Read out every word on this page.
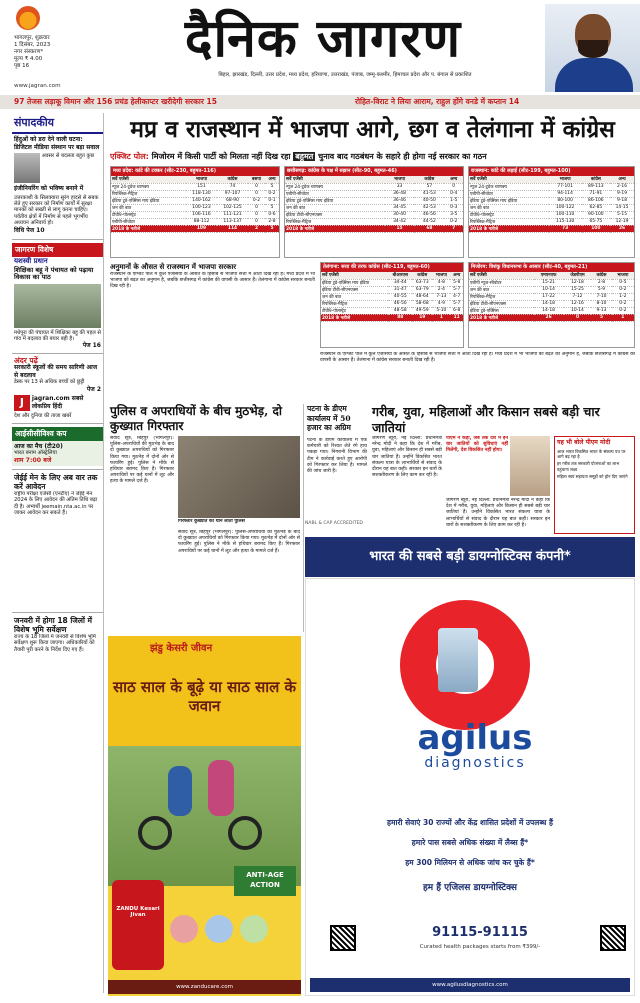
भागलपुर, शुक्रवार
1 दिसंबर, 2023
नगर संस्करण*
मूल्य ₹ 4.00
पृष्ठ 16	दैनिक जागरण
बिहार, झारखंड, दिल्ली, उत्तर प्रदेश, मध्य प्रदेश, हरियाणा, उत्तराखंड, पंजाब, जम्मू-कश्मीर, हिमाचल प्रदेश और प. बंगाल से प्रकाशित
www.jagran.com
97 तेजस लड़ाकू विमान और 156 प्रचंड हेलीकाप्टर खरीदेगी सरकार 15	रोहित-विराट ने लिया आराम, राहुल होंगे वनडे में कप्तान 14
संपादकीय
हिंदुओं को डरा देने वाली घटना: डिजिटल मीडिया संस्थान पर बड़ा सवाल
अवसर से बदलता बहुत कुछ
इंजीनियरिंग को भविष्य बनाने में
उत्तरकाशी के सिलक्यारा सुरंग हादसे से सबक लेते हुए सरकार को निर्माण कार्यों में सुरक्षा मानकों को सख्ती से लागू करना चाहिए। पर्वतीय क्षेत्रों में निर्माण से पहले भूगर्भीय अध्ययन अनिवार्य हो।
विधि पेज 10
जागरण विशेष
यशस्वी प्रधान
शिक्षिका बहू ने पंचायत को पढ़ाया विकास का पाठ
मधेपुरा की पंचायत में शिक्षिका बहू की पहल से गांव में बदलाव की बयार बही है।
पेज 16
अंदर पढ़ें
सरकारी स्कूलों की समय सारिणी आज से बदलाव
डेस्क पर 13 से अधिक बच्चों को छुट्टी
पेज 2
J	jagran.com सबसे लोकप्रिय हिंदी
देश और दुनिया की ताजा खबरें
आईसीसीविश्व कप
आज का मैच (टी20)
भारत बनाम ऑस्ट्रेलिया
शाम 7:00 बजे
जेईई मेन के लिए अब वार तक करें आवेदन
राष्ट्रीय परीक्षा एजेंसी (एनटीए) ने जेईई मेन 2024 के लिए आवेदन की अंतिम तिथि बढ़ा दी है। अभ्यर्थी jeemain.nta.ac.in पर जाकर आवेदन कर सकते हैं।
जनवरी में होगा 18 जिलों में विशेष भूमि सर्वेक्षण
राज्य के 18 जिलों में जनवरी से विशेष भूमि सर्वेक्षण शुरू किया जाएगा। अधिकारियों को तैयारी पूरी करने के निर्देश दिए गए हैं।
मप्र व राजस्थान में भाजपा आगे, छग व तेलंगाना में कांग्रेस
एक्जिट पोल: मिजोरम में किसी पार्टी को मिलता नहीं दिख रहा बहुमत चुनाव बाद गठबंधन के सहारे ही होगा नई सरकार का गठन
मध्य प्रदेश: कांटे की टक्कर (सीट-230, बहुमत-116)
सर्वे एजेंसी	भाजपा	कांग्रेस	बसपा	अन्य
न्यूज 24-टुडेज चाणक्य	151	74	0	5
रिपब्लिक-मैट्रिज	118-130	97-107	0	0-2
इंडिया टुडे-एक्सिस माय इंडिया	140-162	68-90	0-2	0-1
जन की बात	100-123	102-125	0	5
टीवी9-पोलस्ट्रेट	106-116	111-121	0	0-6
एबीपी-सीवोटर	88-112	113-137	0	2-8
2018 के नतीजे	109	114	2	5
छत्तीसगढ़: कांग्रेस के पक्ष में रुझान (सीट-90, बहुमत-46)
सर्वे एजेंसी	भाजपा	कांग्रेस	अन्य
न्यूज 24-टुडेज चाणक्य	33	57	0
एबीपी-सीवोटर	36-48	41-53	0-4
इंडिया टुडे-एक्सिस माय इंडिया	36-46	40-50	1-5
जन की बात	34-45	42-53	0-3
इंडिया टीवी-सीएनएक्स	30-40	46-56	3-5
रिपब्लिक-मैट्रिज	34-42	44-52	0-2
2018 के नतीजे	15	68	7
राजस्थान: कांटे की लड़ाई (सीट-199, बहुमत-100)
सर्वे एजेंसी	भाजपा	कांग्रेस	अन्य
न्यूज 24-टुडेज चाणक्य	77-101	89-113	2-16
एबीपी-सीवोटर	94-114	71-91	9-19
इंडिया टुडे-एक्सिस माय इंडिया	80-100	86-106	9-18
जन की बात	100-122	62-85	14-15
टीवी9-पोलस्ट्रेट	100-110	90-100	5-15
रिपब्लिक-मैट्रिज	115-130	65-75	12-19
2018 के नतीजे	73	100	26
तेलंगाना: सत्ता की तरफ कांग्रेस (सीट-119, बहुमत-60)
सर्वे एजेंसी	बीआरएस	कांग्रेस	भाजपा	अन्य
इंडिया टुडे-एक्सिस माय इंडिया	34-44	63-73	4-8	5-8
इंडिया टीवी-सीएनएक्स	31-47	63-79	2-4	5-7
जन की बात	40-55	48-64	7-13	4-7
रिपब्लिक-मैट्रिज	46-56	58-68	4-9	5-7
टीवी9-पोलस्ट्रेट	48-58	49-59	5-10	6-8
2018 के नतीजे	88	19	1	11
मिजोरम: त्रिशंकु विधानसभा के आसार (सीट-40, बहुमत-21)
सर्वे एजेंसी	एमएनएफ	जेडपीएम	कांग्रेस	भाजपा
एबीपी न्यूज-सीवोटर	15-21	12-18	2-8	0-5
जन की बात	10-14	15-25	5-9	0-2
रिपब्लिक-मैट्रिज	17-22	7-12	7-10	1-2
इंडिया टीवी-सीएनएक्स	14-18	12-16	8-10	0-2
इंडिया टुडे-एक्सिस	14-18	10-14	9-13	0-2
2018 के नतीजे	26	0	5	1
अनुमानों के औसत से राजस्थान में भाजपा सरकार
राजस्थान के एग्जिट पोल में कुल एजेंसियों के औसत के हिसाब से भाजपा सत्ता में आती दिख रही है। मध्य प्रदेश में भी भाजपा को बढ़त का अनुमान है, जबकि छत्तीसगढ़ में कांग्रेस की वापसी के आसार हैं। तेलंगाना में कांग्रेस सरकार बनाती दिख रही है।
राजस्थान के एग्जिट पोल में कुल एजेंसियों के औसत के हिसाब से भाजपा सत्ता में आती दिख रही है। मध्य प्रदेश में भी भाजपा को बढ़त का अनुमान है, जबकि छत्तीसगढ़ में कांग्रेस की वापसी के आसार हैं। तेलंगाना में कांग्रेस सरकार बनाती दिख रही है।
पुलिस व अपराधियों के बीच मुठभेड़, दो कुख्यात गिरफ्तार
संवाद सूत्र, बिहपुर (भागलपुर): पुलिस-अपराधियों की मुठभेड़ के बाद दो कुख्यात अपराधियों को गिरफ्तार किया गया। मुठभेड़ में दोनों ओर से फायरिंग हुई। पुलिस ने मौके से हथियार बरामद किए हैं। गिरफ्तार अपराधियों पर कई थानों में लूट और हत्या के मामले दर्ज हैं।
गिरफ्तार कुख्यात को थाने लाती पुलिस
संवाद सूत्र, बिहपुर (भागलपुर): पुलिस-अपराधियों की मुठभेड़ के बाद दो कुख्यात अपराधियों को गिरफ्तार किया गया। मुठभेड़ में दोनों ओर से फायरिंग हुई। पुलिस ने मौके से हथियार बरामद किए हैं। गिरफ्तार अपराधियों पर कई थानों में लूट और हत्या के मामले दर्ज हैं।
पटना के डीएम कार्यालय में 50 हजार का अग्रिम
पटना के डीएम कार्यालय में एक कर्मचारी को रिश्वत लेते रंगे हाथ पकड़ा गया। निगरानी विभाग की टीम ने कार्रवाई करते हुए आरोपी को गिरफ्तार कर लिया है। मामले की जांच जारी है।
गरीब, युवा, महिलाओं और किसान सबसे बड़ी चार जातियां
जागरण ब्यूरो, नई दिल्ली: प्रधानमंत्री नरेन्द्र मोदी ने कहा कि देश में गरीब, युवा, महिलाएं और किसान ही सबसे बड़ी चार जातियां हैं। उन्होंने विकसित भारत संकल्प यात्रा के लाभार्थियों से संवाद के दौरान यह बात कही। सरकार इन चारों के सशक्तीकरण के लिए काम कर रही है।
पीएम ने कहा, जब तक देश में इन चार जातियों को सुविधाएं नहीं मिलेंगी, देश विकसित नहीं होगा।
जागरण ब्यूरो, नई दिल्ली: प्रधानमंत्री नरेन्द्र मोदी ने कहा कि देश में गरीब, युवा, महिलाएं और किसान ही सबसे बड़ी चार जातियां हैं। उन्होंने विकसित भारत संकल्प यात्रा के लाभार्थियों से संवाद के दौरान यह बात कही। सरकार इन चारों के सशक्तीकरण के लिए काम कर रही है।
यह भी बोले पीएम मोदी
आज भारत विकसित भारत के संकल्प पथ पर आगे बढ़ रहा है
हर गरीब तक सरकारी योजनाओं का लाभ पहुंचाना लक्ष्य
महिला स्वयं सहायता समूहों को ड्रोन दिए जाएंगे
NABL & CAP ACCREDITED
भारत की सबसे बड़ी डायग्नोस्टिक्स कंपनी*
agilus
diagnostics
हमारी सेवाएं 30 राज्यों और केंद्र शासित प्रदेशों में उपलब्ध हैं
हमारे पास सबसे अधिक संख्या में लैब्स हैं*
हम 300 मिलियन से अधिक जांच कर चुके हैं*
हम हैं एजिलस डायग्नोस्टिक्स
91115-91115
Curated health packages starts from ₹399/-
www.agilusdiagnostics.com
झंडु केसरी जीवन
साठ साल के बूढ़े या साठ साल के जवान
ZANDU Kesari Jivan
ANTI-AGE ACTION
www.zanducare.com
